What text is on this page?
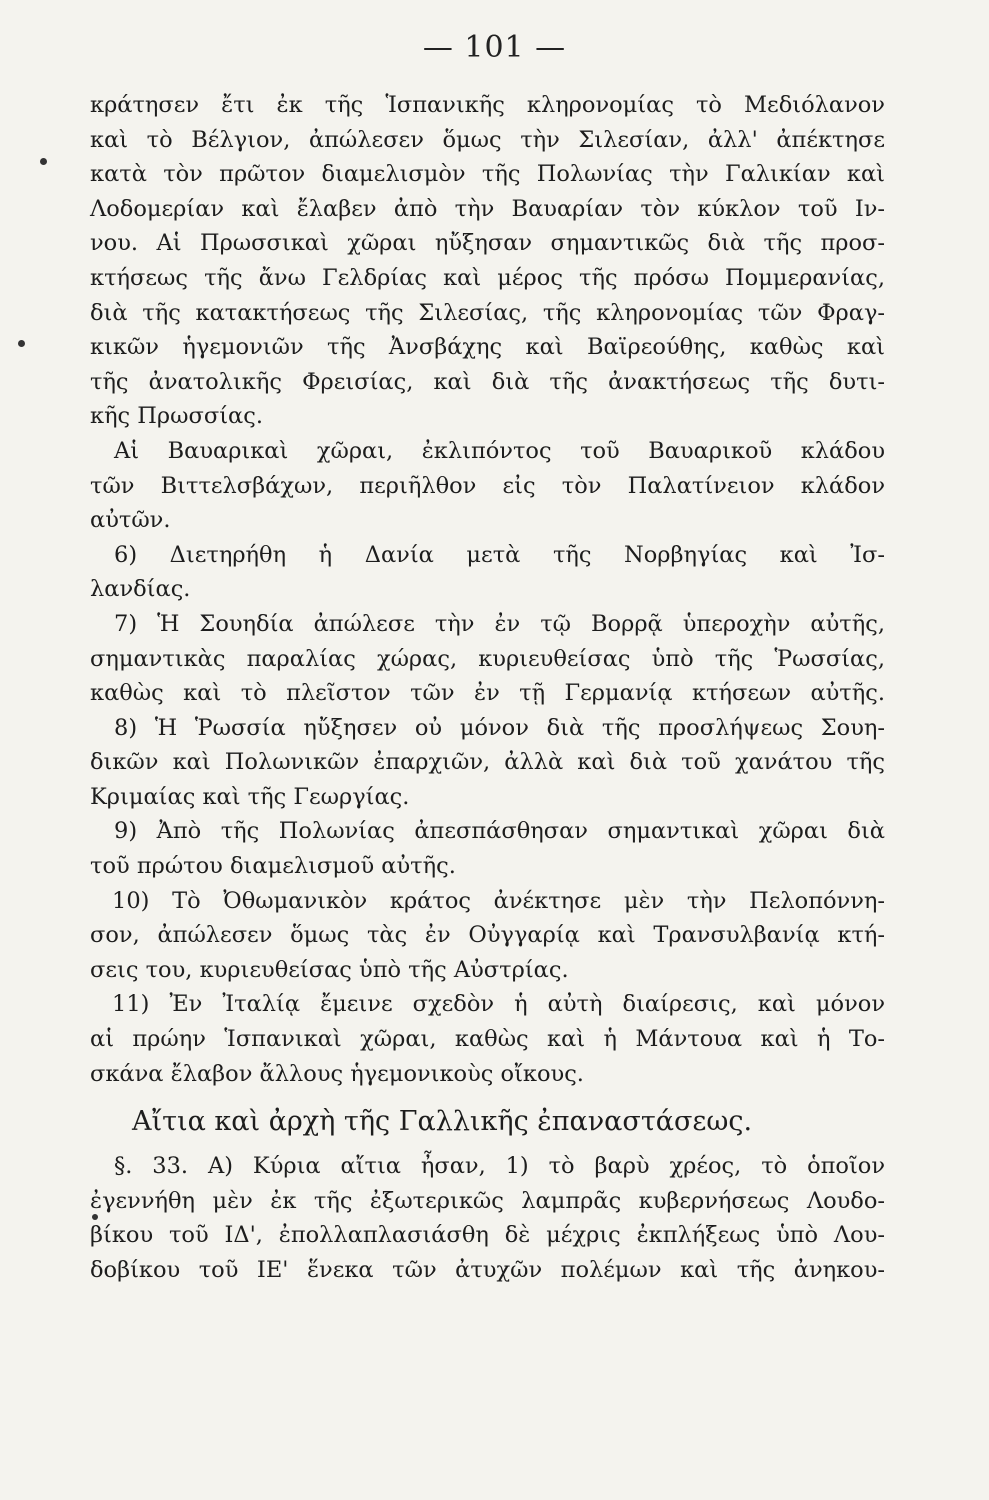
— 101 —
κράτησεν ἔτι ἐκ τῆς Ἱσπανικῆς κληρονομίας τὸ Μεδιόλανον
καὶ τὸ Βέλγιον, ἀπώλεσεν ὅμως τὴν Σιλεσίαν, ἀλλ' ἀπέκτησε
κατὰ τὸν πρῶτον διαμελισμὸν τῆς Πολωνίας τὴν Γαλικίαν καὶ
Λοδομερίαν καὶ ἔλαβεν ἀπὸ τὴν Βαυαρίαν τὸν κύκλον τοῦ Ιν-
νου. Αἱ Πρωσσικαὶ χῶραι ηὔξησαν σημαντικῶς διὰ τῆς προσ-
κτήσεως τῆς ἄνω Γελδρίας καὶ μέρος τῆς πρόσω Πομμερανίας,
διὰ τῆς κατακτήσεως τῆς Σιλεσίας, τῆς κληρονομίας τῶν Φραγ-
κικῶν ἡγεμονιῶν τῆς Ἀνσβάχης καὶ Βαϊρεούθης, καθὼς καὶ
τῆς ἀνατολικῆς Φρεισίας, καὶ διὰ τῆς ἀνακτήσεως τῆς δυτι-
κῆς Πρωσσίας.
Αἱ Βαυαρικαὶ χῶραι, ἐκλιπόντος τοῦ Βαυαρικοῦ κλάδου
τῶν Βιττελσβάχων, περιῆλθον εἰς τὸν Παλατίνειον κλάδον
αὐτῶν.
6) Διετηρήθη ἡ Δανία μετὰ τῆς Νορβηγίας καὶ Ἰσ-
λανδίας.
7) Ἡ Σουηδία ἀπώλεσε τὴν ἐν τῷ Βορρᾷ ὑπεροχὴν αὐτῆς,
σημαντικὰς παραλίας χώρας, κυριευθείσας ὑπὸ τῆς Ῥωσσίας,
καθὼς καὶ τὸ πλεῖστον τῶν ἐν τῇ Γερμανίᾳ κτήσεων αὐτῆς.
8) Ἡ Ῥωσσία ηὔξησεν οὐ μόνον διὰ τῆς προσλήψεως Σουη-
δικῶν καὶ Πολωνικῶν ἐπαρχιῶν, ἀλλὰ καὶ διὰ τοῦ χανάτου τῆς
Κριμαίας καὶ τῆς Γεωργίας.
9) Ἀπὸ τῆς Πολωνίας ἀπεσπάσθησαν σημαντικαὶ χῶραι διὰ
τοῦ πρώτου διαμελισμοῦ αὐτῆς.
10) Τὸ Ὀθωμανικὸν κράτος ἀνέκτησε μὲν τὴν Πελοπόννη-
σον, ἀπώλεσεν ὅμως τὰς ἐν Οὐγγαρίᾳ καὶ Τρανσυλβανίᾳ κτή-
σεις του, κυριευθείσας ὑπὸ τῆς Αὐστρίας.
11) Ἐν Ἰταλίᾳ ἔμεινε σχεδὸν ἡ αὐτὴ διαίρεσις, καὶ μόνον
αἱ πρώην Ἱσπανικαὶ χῶραι, καθὼς καὶ ἡ Μάντουα καὶ ἡ Το-
σκάνα ἔλαβον ἄλλους ἡγεμονικοὺς οἴκους.
Αἴτια καὶ ἀρχὴ τῆς Γαλλικῆς ἐπαναστάσεως.
§. 33. Α) Κύρια αἴτια ἦσαν, 1) τὸ βαρὺ χρέος, τὸ ὁποῖον
ἐγεννήθη μὲν ἐκ τῆς ἐξωτερικῶς λαμπρᾶς κυβερνήσεως Λουδο-
βίκου τοῦ ΙΔ', ἐπολλαπλασιάσθη δὲ μέχρις ἐκπλήξεως ὑπὸ Λου-
δοβίκου τοῦ ΙΕ' ἕνεκα τῶν ἀτυχῶν πολέμων καὶ τῆς ἀνηκου-
